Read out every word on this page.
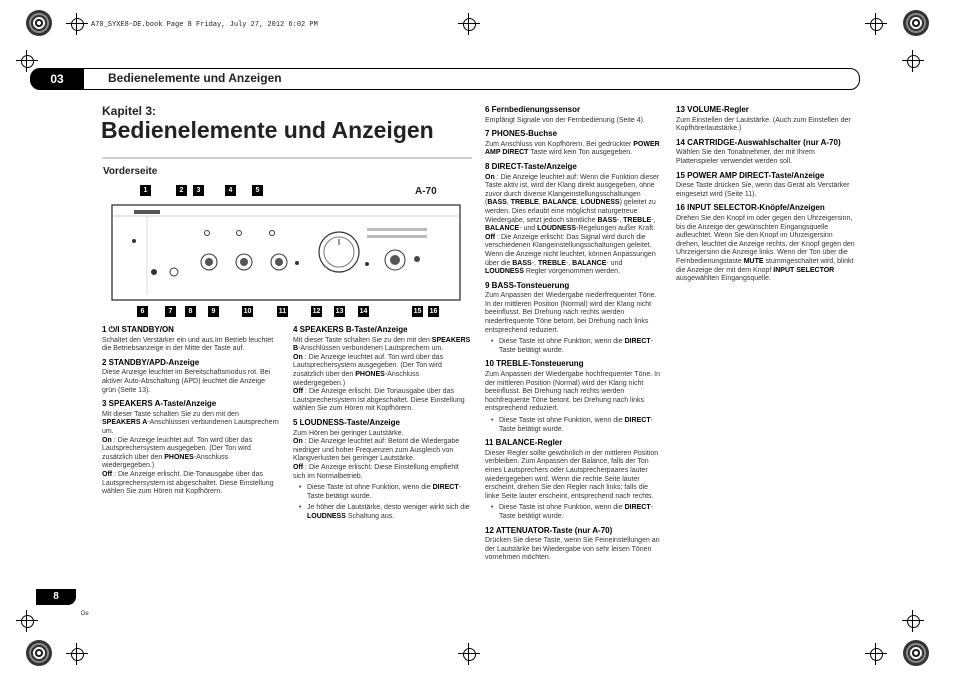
A70_SYXE8-DE.book Page 8 Friday, July 27, 2012 6:02 PM
03	Bedienelemente und Anzeigen
Kapitel 3:
Bedienelemente und Anzeigen
Vorderseite
1	2	3	4	5	A-70
6	7	8	9	10	11	12 13 14	15 16
1 ⏻/I STANDBY/ON

Schaltet den Verstärker ein und aus.Im Betrieb leuchtet die Betriebsanzeige in der Mitte der Taste auf.

2 STANDBY/APD-Anzeige

Diese Anzeige leuchtet im Bereitschaftsmodus rot. Bei aktiver Auto-Abschaltung (APD) leuchtet die Anzeige grün (Seite 13).

3 SPEAKERS A-Taste/Anzeige

Mit dieser Taste schalten Sie zu den mit den SPEAKERS A-Anschlüssen verbundenen Lautsprechern um.

On : Die Anzeige leuchtet auf. Ton wird über das Lautsprechersystem ausgegeben. (Der Ton wird zusätzlich über den PHONES-Anschluss wiedergegeben.)

Off : Die Anzeige erlischt. Die Tonausgabe über das Lautsprechersystem ist abgeschaltet. Diese Einstellung wählen Sie zum Hören mit Kopfhörern.

4 SPEAKERS B-Taste/Anzeige

Mit dieser Taste schalten Sie zu den mit den SPEAKERS B-Anschlüssen verbundenen Lautsprechern um.

On : Die Anzeige leuchtet auf. Ton wird über das Lautsprechersystem ausgegeben. (Der Ton wird zusätzlich über den PHONES-Anschluss wiedergegeben.)

Off : Die Anzeige erlischt. Die Tonausgabe über das Lautsprechersystem ist abgeschaltet. Diese Einstellung wählen Sie zum Hören mit Kopfhörern.

5 LOUDNESS-Taste/Anzeige

Zum Hören bei geringer Lautstärke.

On : Die Anzeige leuchtet auf: Betont die Wiedergabe niedriger und hoher Frequenzen zum Ausgleich von Klangverlusten bei geringer Lautstärke.

Off : Die Anzeige erlischt: Diese Einstellung empfiehlt sich im Normalbetrieb.

• Diese Taste ist ohne Funktion, wenn die DIRECT-Taste betätigt wurde.

• Je höher die Lautstärke, desto weniger wirkt sich die LOUDNESS Schaltung aus.

6 Fernbedienungssensor

Empfängt Signale von der Fernbedienung (Seite 4).

7 PHONES-Buchse

Zum Anschluss von Kopfhörern. Bei gedrückter POWER AMP DIRECT Taste wird kein Ton ausgegeben.

8 DIRECT-Taste/Anzeige

On : Die Anzeige leuchtet auf: Wenn die Funktion dieser Taste aktiv ist, wird der Klang direkt ausgegeben, ohne zuvor durch diverse Klangeinstellungsschaltungen (BASS, TREBLE, BALANCE, LOUDNESS) geleitet zu werden. Dies erlaubt eine möglichst naturgetreue Wiedergabe, setzt jedoch sämtliche BASS-, TREBLE-, BALANCE- und LOUDNESS-Regelungen außer Kraft.

Off : Die Anzeige erlischt: Das Signal wird durch die verschiedenen Klangeinstellungsschaltungen geleitet. Wenn die Anzeige nicht leuchtet, können Anpassungen über die BASS-, TREBLE-, BALANCE- und LOUDNESS Regler vorgenommen werden.

9 BASS-Tonsteuerung

Zum Anpassen der Wiedergabe niederfrequenter Töne. In der mittleren Position (Normal) wird der Klang nicht beeinflusst. Bei Drehung nach rechts werden niederfrequente Töne betont, bei Drehung nach links entsprechend reduziert.

• Diese Taste ist ohne Funktion, wenn die DIRECT-Taste betätigt wurde.

10 TREBLE-Tonsteuerung

Zum Anpassen der Wiedergabe hochfrequenter Töne. In der mittleren Position (Normal) wird der Klang nicht beeinflusst. Bei Drehung nach rechts werden hochfrequente Töne betont, bei Drehung nach links entsprechend reduziert.

• Diese Taste ist ohne Funktion, wenn die DIRECT-Taste betätigt wurde.

11 BALANCE-Regler

Dieser Regler sollte gewöhnlich in der mittleren Position verbleiben. Zum Anpassen der Balance, falls der Ton eines Lautsprechers oder Lautsprecherpaares lauter wiedergegeben wird. Wenn die rechte Seite lauter erscheint, drehen Sie den Regler nach links; falls die linke Seite lauter erscheint, entsprechend nach rechts.

• Diese Taste ist ohne Funktion, wenn die DIRECT-Taste betätigt wurde.

12 ATTENUATOR-Taste (nur A-70)

Drücken Sie diese Taste, wenn Sie Feineinstellungen an der Lautstärke bei Wiedergabe von sehr leisen Tönen vornehmen möchten.

13 VOLUME-Regler

Zum Einstellen der Lautstärke. (Auch zum Einstellen der Kopfhörerlautstärke.)

14 CARTRIDGE-Auswahlschalter (nur A-70)

Wählen Sie den Tonabnehmer, der mit Ihrem Plattenspieler verwendet werden soll.

15 POWER AMP DIRECT-Taste/Anzeige

Diese Taste drücken Sie, wenn das Gerät als Verstärker eingesetzt wird (Seite 11).

16 INPUT SELECTOR-Knöpfe/Anzeigen

Drehen Sie den Knopf im oder gegen den Uhrzeigersinn, bis die Anzeige der gewünschten Eingangsquelle aufleuchtet. Wenn Sie den Knopf im Uhrzeigersinn drehen, leuchtet die Anzeige rechts, der Knopf gegen den Uhrzeigersinn die Anzeige links. Wenn der Ton über die Fernbedienungstaste MUTE stummgeschaltet wird, blinkt die Anzeige der mit dem Knopf INPUT SELECTOR ausgewählten Eingangsquelle.

8
De
